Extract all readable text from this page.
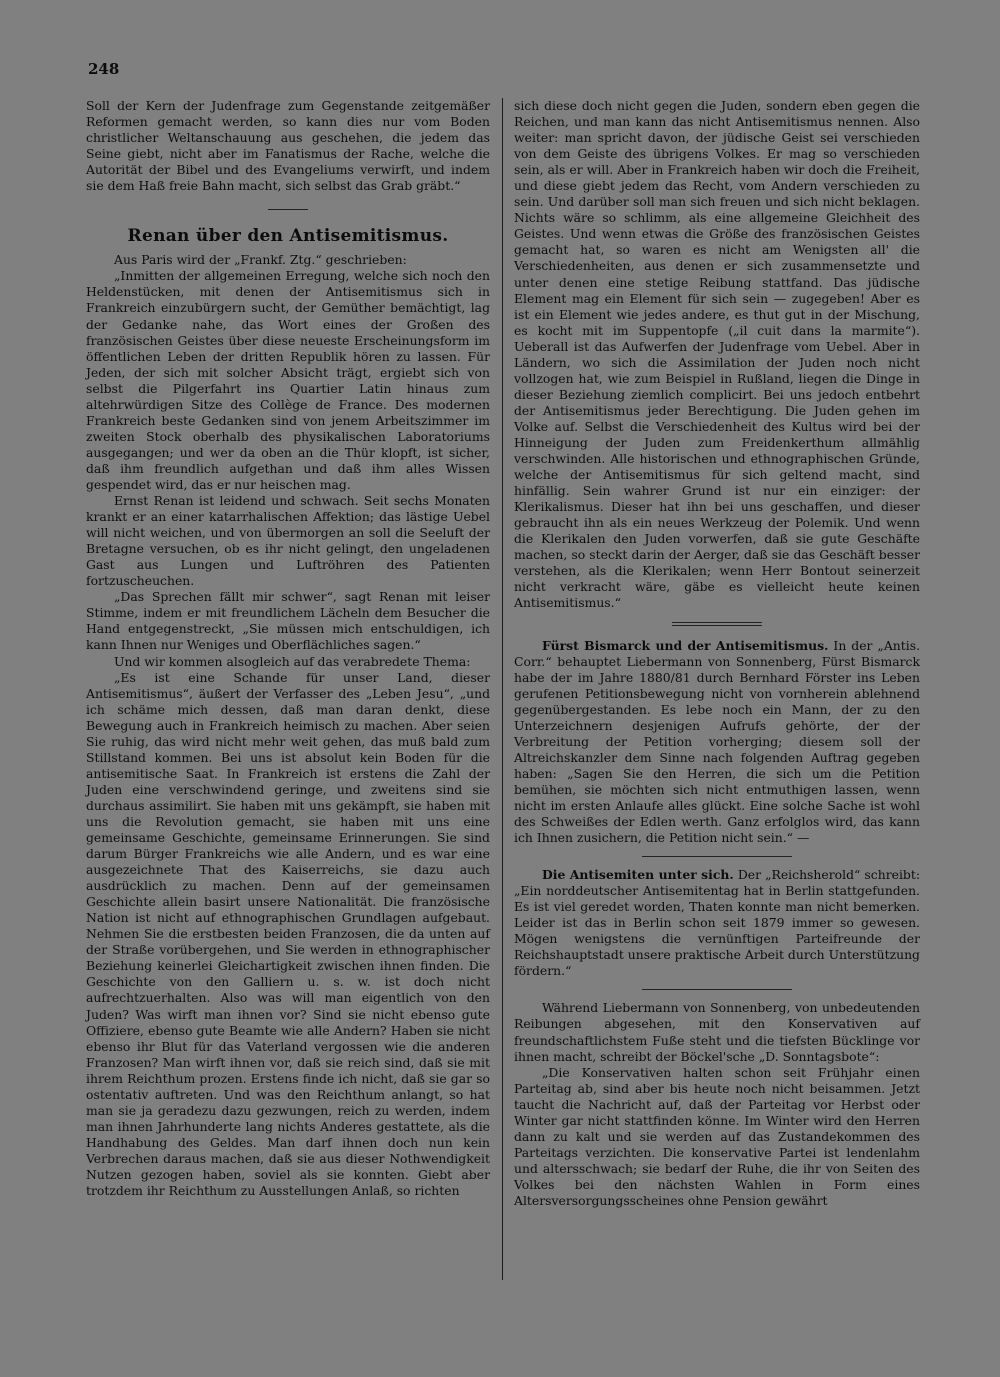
248

Soll der Kern der Judenfrage zum Gegenstande zeitgemäßer Reformen gemacht werden, so kann dies nur vom Boden christlicher Weltanschauung aus geschehen, die jedem das Seine giebt, nicht aber im Fanatismus der Rache, welche die Autorität der Bibel und des Evangeliums verwirft, und indem sie dem Haß freie Bahn macht, sich selbst das Grab gräbt.“

Renan über den Antisemitismus.

Aus Paris wird der „Frankf. Ztg.“ geschrieben:

„Inmitten der allgemeinen Erregung, welche sich noch den Heldenstücken, mit denen der Antisemitismus sich in Frankreich einzubürgern sucht, der Gemüther bemächtigt, lag der Gedanke nahe, das Wort eines der Großen des französischen Geistes über diese neueste Erscheinungsform im öffentlichen Leben der dritten Republik hören zu lassen. Für Jeden, der sich mit solcher Absicht trägt, ergiebt sich von selbst die Pilgerfahrt ins Quartier Latin hinaus zum altehrwürdigen Sitze des Collège de France. Des modernen Frankreich beste Gedanken sind von jenem Arbeitszimmer im zweiten Stock oberhalb des physikalischen Laboratoriums ausgegangen; und wer da oben an die Thür klopft, ist sicher, daß ihm freundlich aufgethan und daß ihm alles Wissen gespendet wird, das er nur heischen mag.

Ernst Renan ist leidend und schwach. Seit sechs Monaten krankt er an einer katarrhalischen Affektion; das lästige Uebel will nicht weichen, und von übermorgen an soll die Seeluft der Bretagne versuchen, ob es ihr nicht gelingt, den ungeladenen Gast aus Lungen und Luftröhren des Patienten fortzuscheuchen.

„Das Sprechen fällt mir schwer“, sagt Renan mit leiser Stimme, indem er mit freundlichem Lächeln dem Besucher die Hand entgegenstreckt, „Sie müssen mich entschuldigen, ich kann Ihnen nur Weniges und Oberflächliches sagen.“

Und wir kommen alsogleich auf das verabredete Thema:

„Es ist eine Schande für unser Land, dieser Antisemitismus“, äußert der Verfasser des „Leben Jesu“, „und ich schäme mich dessen, daß man daran denkt, diese Bewegung auch in Frankreich heimisch zu machen. Aber seien Sie ruhig, das wird nicht mehr weit gehen, das muß bald zum Stillstand kommen. Bei uns ist absolut kein Boden für die antisemitische Saat. In Frankreich ist erstens die Zahl der Juden eine verschwindend geringe, und zweitens sind sie durchaus assimilirt. Sie haben mit uns gekämpft, sie haben mit uns die Revolution gemacht, sie haben mit uns eine gemeinsame Geschichte, gemeinsame Erinnerungen. Sie sind darum Bürger Frankreichs wie alle Andern, und es war eine ausgezeichnete That des Kaiserreichs, sie dazu auch ausdrücklich zu machen. Denn auf der gemeinsamen Geschichte allein basirt unsere Nationalität. Die französische Nation ist nicht auf ethnographischen Grundlagen aufgebaut. Nehmen Sie die erstbesten beiden Franzosen, die da unten auf der Straße vorübergehen, und Sie werden in ethnographischer Beziehung keinerlei Gleichartigkeit zwischen ihnen finden. Die Geschichte von den Galliern u. s. w. ist doch nicht aufrechtzuerhalten. Also was will man eigentlich von den Juden? Was wirft man ihnen vor? Sind sie nicht ebenso gute Offiziere, ebenso gute Beamte wie alle Andern? Haben sie nicht ebenso ihr Blut für das Vaterland vergossen wie die anderen Franzosen? Man wirft ihnen vor, daß sie reich sind, daß sie mit ihrem Reichthum prozen. Erstens finde ich nicht, daß sie gar so ostentativ auftreten. Und was den Reichthum anlangt, so hat man sie ja geradezu dazu gezwungen, reich zu werden, indem man ihnen Jahrhunderte lang nichts Anderes gestattete, als die Handhabung des Geldes. Man darf ihnen doch nun kein Verbrechen daraus machen, daß sie aus dieser Nothwendigkeit Nutzen gezogen haben, soviel als sie konnten. Giebt aber trotzdem ihr Reichthum zu Ausstellungen Anlaß, so richten

sich diese doch nicht gegen die Juden, sondern eben gegen die Reichen, und man kann das nicht Antisemitismus nennen. Also weiter: man spricht davon, der jüdische Geist sei verschieden von dem Geiste des übrigens Volkes. Er mag so verschieden sein, als er will. Aber in Frankreich haben wir doch die Freiheit, und diese giebt jedem das Recht, vom Andern verschieden zu sein. Und darüber soll man sich freuen und sich nicht beklagen. Nichts wäre so schlimm, als eine allgemeine Gleichheit des Geistes. Und wenn etwas die Größe des französischen Geistes gemacht hat, so waren es nicht am Wenigsten all' die Verschiedenheiten, aus denen er sich zusammensetzte und unter denen eine stetige Reibung stattfand. Das jüdische Element mag ein Element für sich sein — zugegeben! Aber es ist ein Element wie jedes andere, es thut gut in der Mischung, es kocht mit im Suppentopfe („il cuit dans la marmite“). Ueberall ist das Aufwerfen der Judenfrage vom Uebel. Aber in Ländern, wo sich die Assimilation der Juden noch nicht vollzogen hat, wie zum Beispiel in Rußland, liegen die Dinge in dieser Beziehung ziemlich complicirt. Bei uns jedoch entbehrt der Antisemitismus jeder Berechtigung. Die Juden gehen im Volke auf. Selbst die Verschiedenheit des Kultus wird bei der Hinneigung der Juden zum Freidenkerthum allmählig verschwinden. Alle historischen und ethnographischen Gründe, welche der Antisemitismus für sich geltend macht, sind hinfällig. Sein wahrer Grund ist nur ein einziger: der Klerikalismus. Dieser hat ihn bei uns geschaffen, und dieser gebraucht ihn als ein neues Werkzeug der Polemik. Und wenn die Klerikalen den Juden vorwerfen, daß sie gute Geschäfte machen, so steckt darin der Aerger, daß sie das Geschäft besser verstehen, als die Klerikalen; wenn Herr Bontout seinerzeit nicht verkracht wäre, gäbe es vielleicht heute keinen Antisemitismus.“

Fürst Bismarck und der Antisemitismus. In der „Antis. Corr.“ behauptet Liebermann von Sonnenberg, Fürst Bismarck habe der im Jahre 1880/81 durch Bernhard Förster ins Leben gerufenen Petitionsbewegung nicht von vornherein ablehnend gegenübergestanden. Es lebe noch ein Mann, der zu den Unterzeichnern desjenigen Aufrufs gehörte, der der Verbreitung der Petition vorherging; diesem soll der Altreichskanzler dem Sinne nach folgenden Auftrag gegeben haben: „Sagen Sie den Herren, die sich um die Petition bemühen, sie möchten sich nicht entmuthigen lassen, wenn nicht im ersten Anlaufe alles glückt. Eine solche Sache ist wohl des Schweißes der Edlen werth. Ganz erfolglos wird, das kann ich Ihnen zusichern, die Petition nicht sein.“ —

Die Antisemiten unter sich. Der „Reichsherold“ schreibt: „Ein norddeutscher Antisemitentag hat in Berlin stattgefunden. Es ist viel geredet worden, Thaten konnte man nicht bemerken. Leider ist das in Berlin schon seit 1879 immer so gewesen. Mögen wenigstens die vernünftigen Parteifreunde der Reichshauptstadt unsere praktische Arbeit durch Unterstützung fördern.“

Während Liebermann von Sonnenberg, von unbedeutenden Reibungen abgesehen, mit den Konservativen auf freundschaftlichstem Fuße steht und die tiefsten Bücklinge vor ihnen macht, schreibt der Böckel'sche „D. Sonntagsbote“:

„Die Konservativen halten schon seit Frühjahr einen Parteitag ab, sind aber bis heute noch nicht beisammen. Jetzt taucht die Nachricht auf, daß der Parteitag vor Herbst oder Winter gar nicht stattfinden könne. Im Winter wird den Herren dann zu kalt und sie werden auf das Zustandekommen des Parteitags verzichten. Die konservative Partei ist lendenlahm und altersschwach; sie bedarf der Ruhe, die ihr von Seiten des Volkes bei den nächsten Wahlen in Form eines Altersversorgungsscheines ohne Pension gewährt
